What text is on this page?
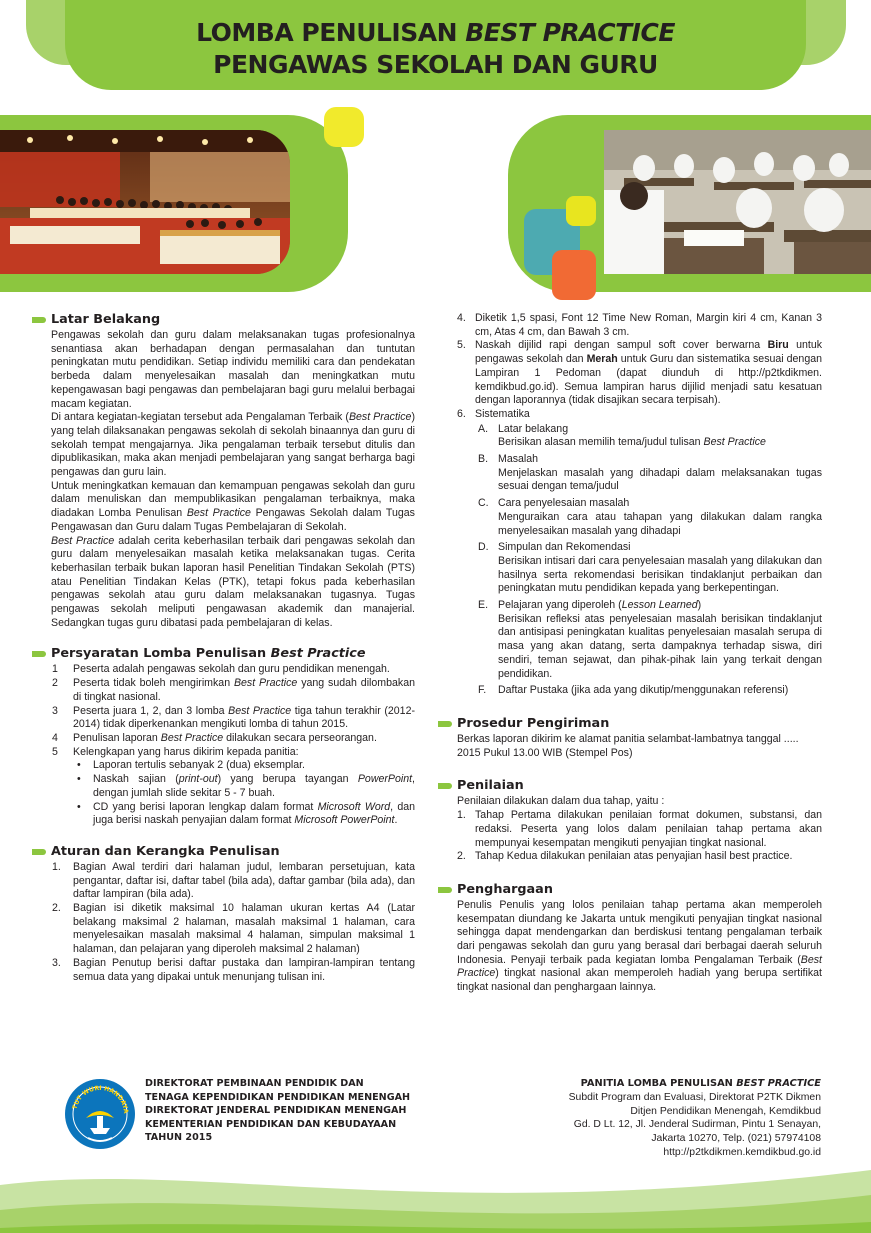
LOMBA PENULISAN BEST PRACTICE
PENGAWAS SEKOLAH DAN GURU
Latar Belakang

Pengawas sekolah dan guru dalam melaksanakan tugas profesionalnya senantiasa akan berhadapan dengan permasalahan dan tuntutan peningkatan mutu pendidikan. Setiap individu memiliki cara dan pendekatan berbeda dalam menyelesaikan masalah dan meningkatkan mutu kepengawasan bagi pengawas dan pembelajaran bagi guru melalui berbagai macam kegiatan.

Di antara kegiatan-kegiatan tersebut ada Pengalaman Terbaik (Best Practice) yang telah dilaksanakan pengawas sekolah di sekolah binaannya dan guru di sekolah tempat mengajarnya. Jika pengalaman terbaik tersebut ditulis dan dipublikasikan, maka akan menjadi pembelajaran yang sangat berharga bagi pengawas dan guru lain.

Untuk meningkatkan kemauan dan kemampuan pengawas sekolah dan guru dalam menuliskan dan mempublikasikan pengalaman terbaiknya, maka diadakan Lomba Penulisan Best Practice Pengawas Sekolah dalam Tugas Pengawasan dan Guru dalam Tugas Pembelajaran di Sekolah.

Best Practice adalah cerita keberhasilan terbaik dari pengawas sekolah dan guru dalam menyelesaikan masalah ketika melaksanakan tugas. Cerita keberhasilan terbaik bukan laporan hasil Penelitian Tindakan Sekolah (PTS) atau Penelitian Tindakan Kelas (PTK), tetapi fokus pada keberhasilan pengawas sekolah atau guru dalam melaksanakan tugasnya. Tugas pengawas sekolah meliputi pengawasan akademik dan manajerial. Sedangkan tugas guru dibatasi pada pembelajaran di kelas.

Persyaratan Lomba Penulisan Best Practice
1 Peserta adalah pengawas sekolah dan guru pendidikan menengah.
2 Peserta tidak boleh mengirimkan Best Practice yang sudah dilombakan di tingkat nasional.
3 Peserta juara 1, 2, dan 3 lomba Best Practice tiga tahun terakhir (2012-2014) tidak diperkenankan mengikuti lomba di tahun 2015.
4 Penulisan laporan Best Practice dilakukan secara perseorangan.
5 Kelengkapan yang harus dikirim kepada panitia:
• Laporan tertulis sebanyak 2 (dua) eksemplar.
• Naskah sajian (print-out) yang berupa tayangan PowerPoint, dengan jumlah slide sekitar 5 - 7 buah.
• CD yang berisi laporan lengkap dalam format Microsoft Word, dan juga berisi naskah penyajian dalam format Microsoft PowerPoint.
Aturan dan Kerangka Penulisan
1. Bagian Awal terdiri dari halaman judul, lembaran persetujuan, kata pengantar, daftar isi, daftar tabel (bila ada), daftar gambar (bila ada), dan daftar lampiran (bila ada).
2. Bagian isi diketik maksimal 10 halaman ukuran kertas A4 (Latar belakang maksimal 2 halaman, masalah maksimal 1 halaman, cara menyelesaikan masalah maksimal 4 halaman, simpulan maksimal 1 halaman, dan pelajaran yang diperoleh maksimal 2 halaman)
3. Bagian Penutup berisi daftar pustaka dan lampiran-lampiran tentang semua data yang dipakai untuk menunjang tulisan ini.
4. Diketik 1,5 spasi, Font 12 Time New Roman, Margin kiri 4 cm, Kanan 3 cm, Atas 4 cm, dan Bawah 3 cm.
5. Naskah dijilid rapi dengan sampul soft cover berwarna Biru untuk pengawas sekolah dan Merah untuk Guru dan sistematika sesuai dengan Lampiran 1 Pedoman (dapat diunduh di http://p2tkdikmen. kemdikbud.go.id). Semua lampiran harus dijilid menjadi satu kesatuan dengan laporannya (tidak disajikan secara terpisah).
6. Sistematika
A. Latar belakang
Berisikan alasan memilih tema/judul tulisan Best Practice
B. Masalah
Menjelaskan masalah yang dihadapi dalam melaksanakan tugas sesuai dengan tema/judul
C. Cara penyelesaian masalah
Menguraikan cara atau tahapan yang dilakukan dalam rangka menyelesaikan masalah yang dihadapi
D. Simpulan dan Rekomendasi
Berisikan intisari dari cara penyelesaian masalah yang dilakukan dan hasilnya serta rekomendasi berisikan tindaklanjut perbaikan dan peningkatan mutu pendidikan kepada yang berkepentingan.
E. Pelajaran yang diperoleh (Lesson Learned)
Berisikan refleksi atas penyelesaian masalah berisikan tindaklanjut dan antisipasi peningkatan kualitas penyelesaian masalah serupa di masa yang akan datang, serta dampaknya terhadap siswa, diri sendiri, teman sejawat, dan pihak-pihak lain yang terkait dengan pendidikan.
F. Daftar Pustaka (jika ada yang dikutip/menggunakan referensi)
Prosedur Pengiriman

Berkas laporan dikirim ke alamat panitia selambat-lambatnya tanggal ..... 2015 Pukul 13.00 WIB (Stempel Pos)

Penilaian

Penilaian dilakukan dalam dua tahap, yaitu :

1. Tahap Pertama dilakukan penilaian format dokumen, substansi, dan redaksi. Peserta yang lolos dalam penilaian tahap pertama akan mempunyai kesempatan mengikuti penyajian tingkat nasional.
2. Tahap Kedua dilakukan penilaian atas penyajian hasil best practice.
Penghargaan

Penulis Penulis yang lolos penilaian tahap pertama akan memperoleh kesempatan diundang ke Jakarta untuk mengikuti penyajian tingkat nasional sehingga dapat mendengarkan dan berdiskusi tentang pengalaman terbaik dari pengawas sekolah dan guru yang berasal dari berbagai daerah seluruh Indonesia. Penyaji terbaik pada kegiatan lomba Pengalaman Terbaik (Best Practice) tingkat nasional akan memperoleh hadiah yang berupa sertifikat tingkat nasional dan penghargaan lainnya.

TUT WURI HANDAYA
DIREKTORAT PEMBINAAN PENDIDIK DAN
TENAGA KEPENDIDIKAN PENDIDIKAN MENENGAH
DIREKTORAT JENDERAL PENDIDIKAN MENENGAH
KEMENTERIAN PENDIDIKAN DAN KEBUDAYAAN
TAHUN 2015
PANITIA LOMBA PENULISAN BEST PRACTICE
Subdit Program dan Evaluasi, Direktorat P2TK Dikmen
Ditjen Pendidikan Menengah, Kemdikbud
Gd. D Lt. 12, Jl. Jenderal Sudirman, Pintu 1 Senayan,
Jakarta 10270, Telp. (021) 57974108
http://p2tkdikmen.kemdikbud.go.id
